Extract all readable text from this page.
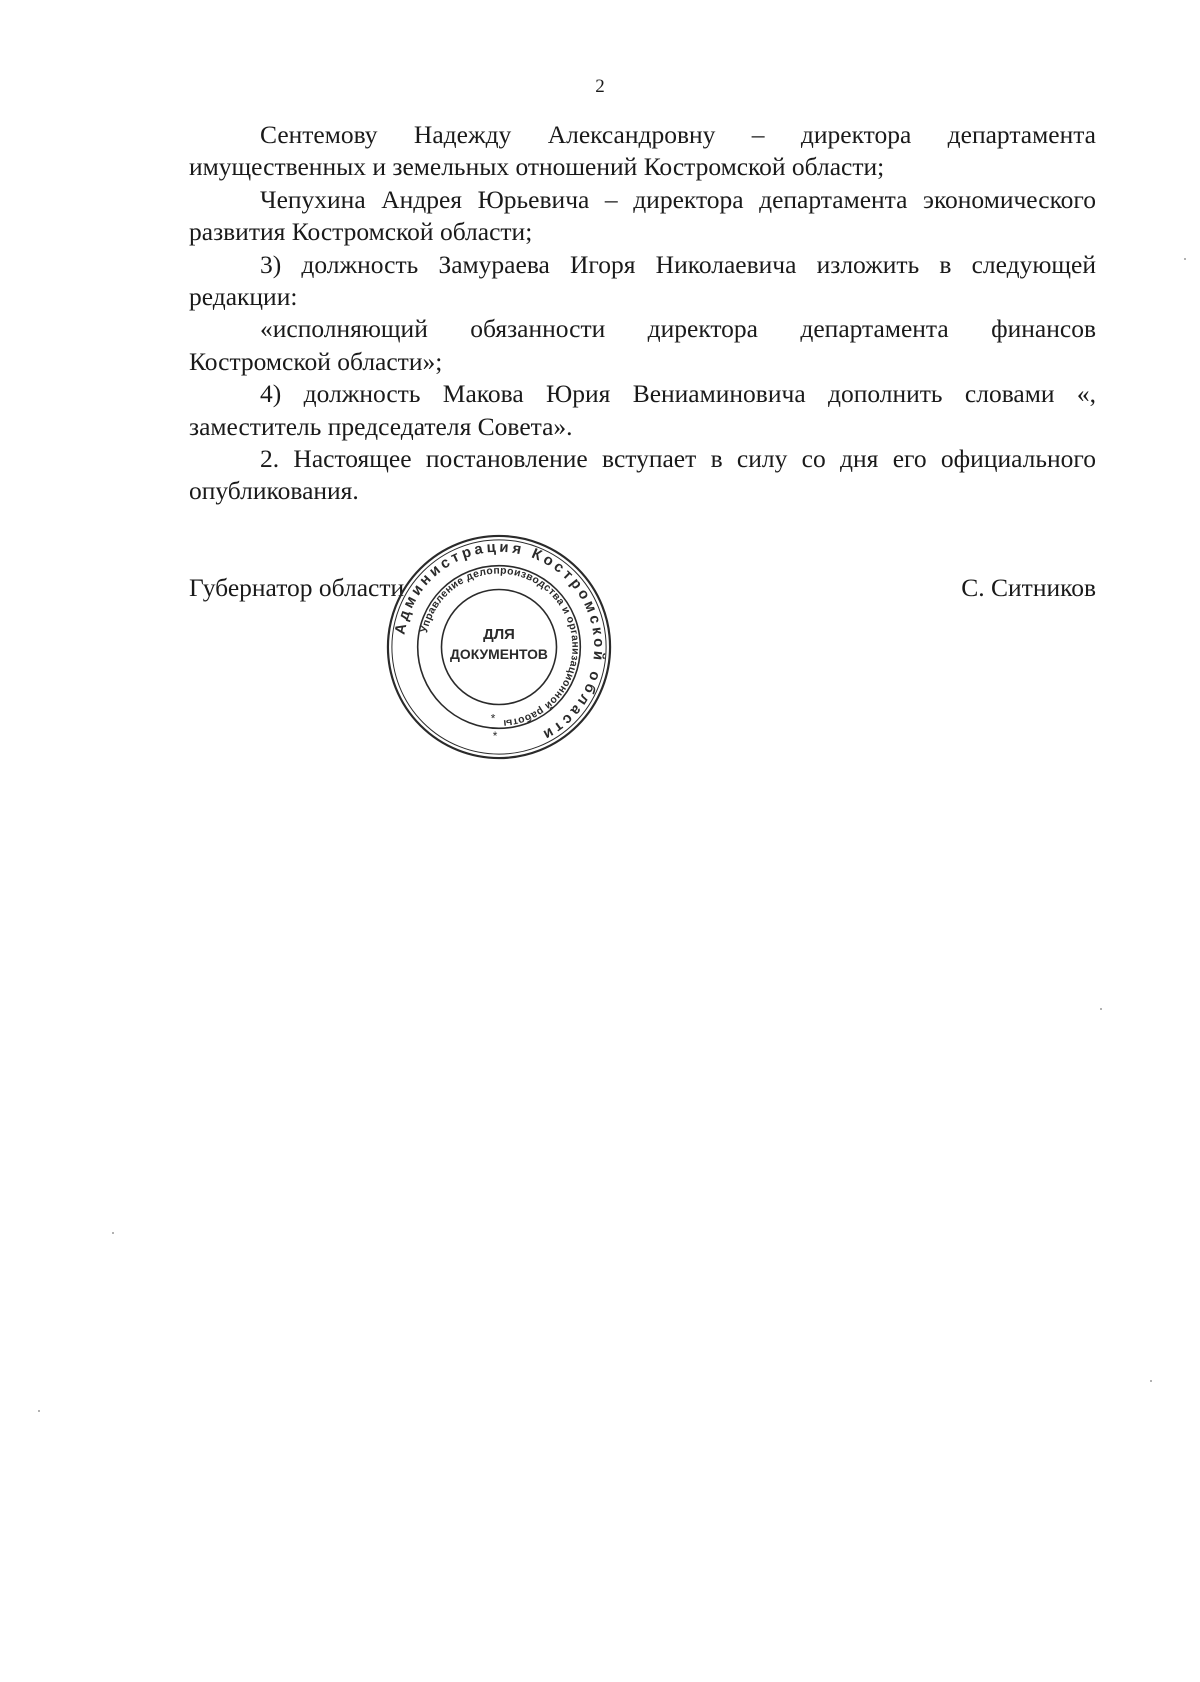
2

Сентемову Надежду Александровну – директора департамента имущественных и земельных отношений Костромской области;

Чепухина Андрея Юрьевича – директора департамента экономического развития Костромской области;

3) должность Замураева Игоря Николаевича изложить в следующей редакции:

«исполняющий обязанности директора департамента финансов Костромской области»;

4) должность Макова Юрия Вениаминовича дополнить словами «, заместитель председателя Совета».

2. Настоящее постановление вступает в силу со дня его официального опубликования.

Губернатор области	С. Ситников
Администрация Костромской области
Управление делопроизводства и организационной работы
ДЛЯ
ДОКУМЕНТОВ
*
*
